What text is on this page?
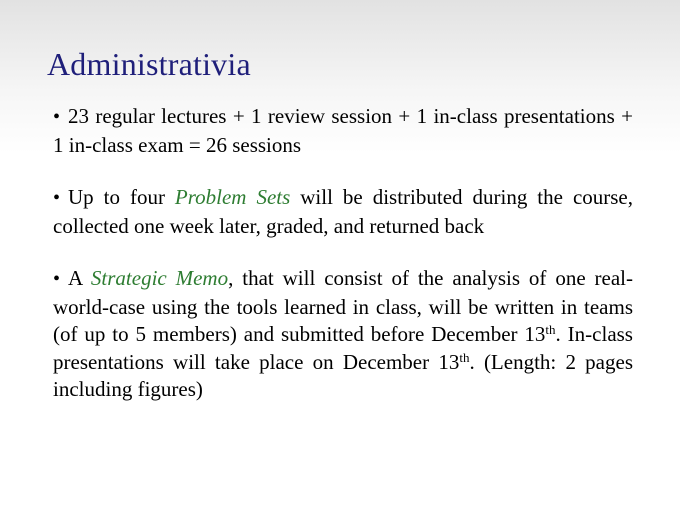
Administrativia
• 23 regular lectures + 1 review session + 1 in-class presentations + 1 in-class exam = 26 sessions
• Up to four Problem Sets will be distributed during the course, collected one week later, graded, and returned back
• A Strategic Memo, that will consist of the analysis of one real-world-case using the tools learned in class, will be written in teams (of up to 5 members) and submitted before December 13th. In-class presentations will take place on December 13th. (Length: 2 pages including figures)
